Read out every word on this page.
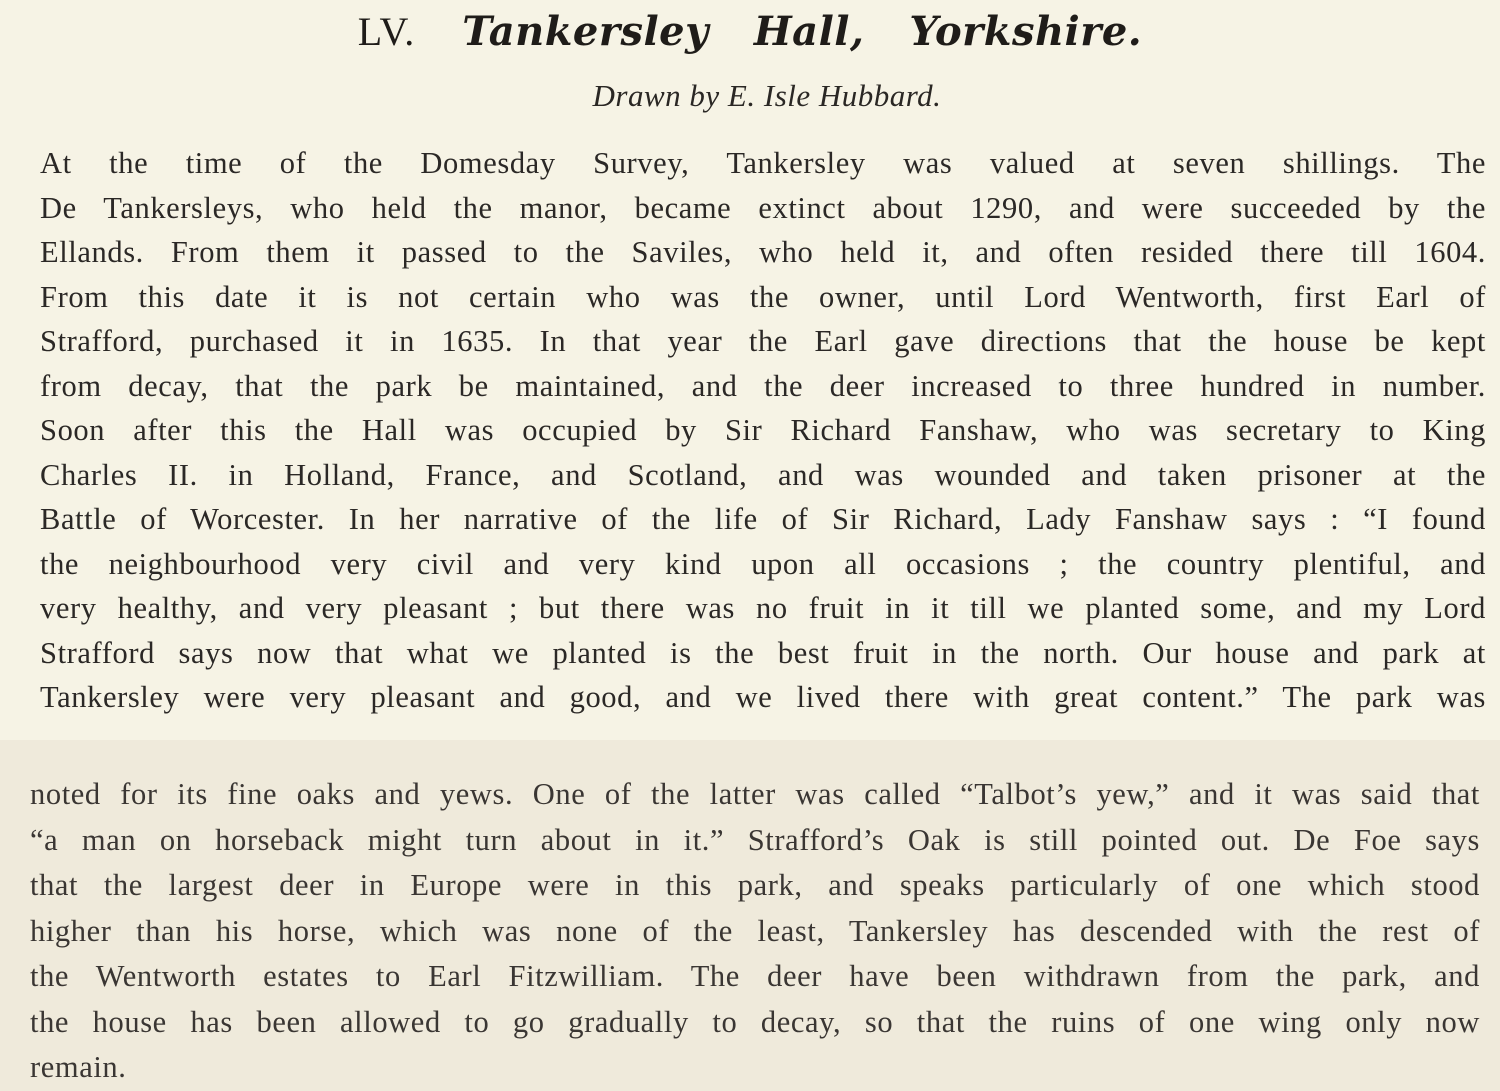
LV. Tankersley Hall, Yorkshire.
Drawn by E. Isle Hubbard.
At the time of the Domesday Survey, Tankersley was valued at seven shillings. The
De Tankersleys, who held the manor, became extinct about 1290, and were succeeded by the
Ellands. From them it passed to the Saviles, who held it, and often resided there till 1604.
From this date it is not certain who was the owner, until Lord Wentworth, first Earl of
Strafford, purchased it in 1635. In that year the Earl gave directions that the house be kept
from decay, that the park be maintained, and the deer increased to three hundred in number.
Soon after this the Hall was occupied by Sir Richard Fanshaw, who was secretary to King
Charles II. in Holland, France, and Scotland, and was wounded and taken prisoner at the
Battle of Worcester. In her narrative of the life of Sir Richard, Lady Fanshaw says : “I found
the neighbourhood very civil and very kind upon all occasions ; the country plentiful, and
very healthy, and very pleasant ; but there was no fruit in it till we planted some, and my Lord
Strafford says now that what we planted is the best fruit in the north. Our house and park at
Tankersley were very pleasant and good, and we lived there with great content.” The park was
noted for its fine oaks and yews. One of the latter was called “Talbot’s yew,” and it was said that
“a man on horseback might turn about in it.” Strafford’s Oak is still pointed out. De Foe says
that the largest deer in Europe were in this park, and speaks particularly of one which stood
higher than his horse, which was none of the least, Tankersley has descended with the rest of
the Wentworth estates to Earl Fitzwilliam. The deer have been withdrawn from the park, and
the house has been allowed to go gradually to decay, so that the ruins of one wing only now
remain.
